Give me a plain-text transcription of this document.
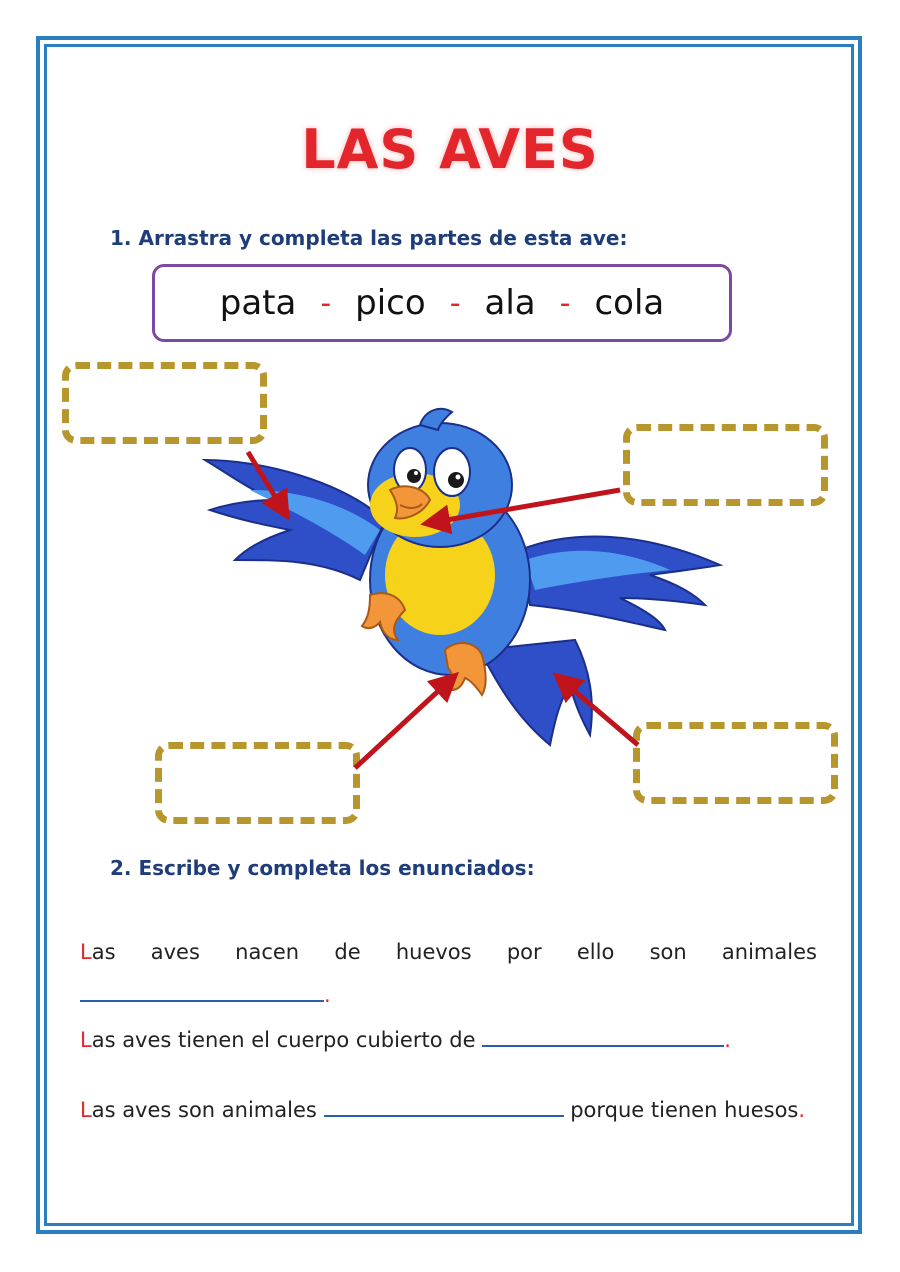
LAS AVES
1. Arrastra y completa las partes de esta ave:
pata - pico - ala - cola
2. Escribe y completa los enunciados:
Las aves nacen de huevos por ello son animales
.
Las aves tienen el cuerpo cubierto de	.
Las aves son animales	porque tienen huesos.
